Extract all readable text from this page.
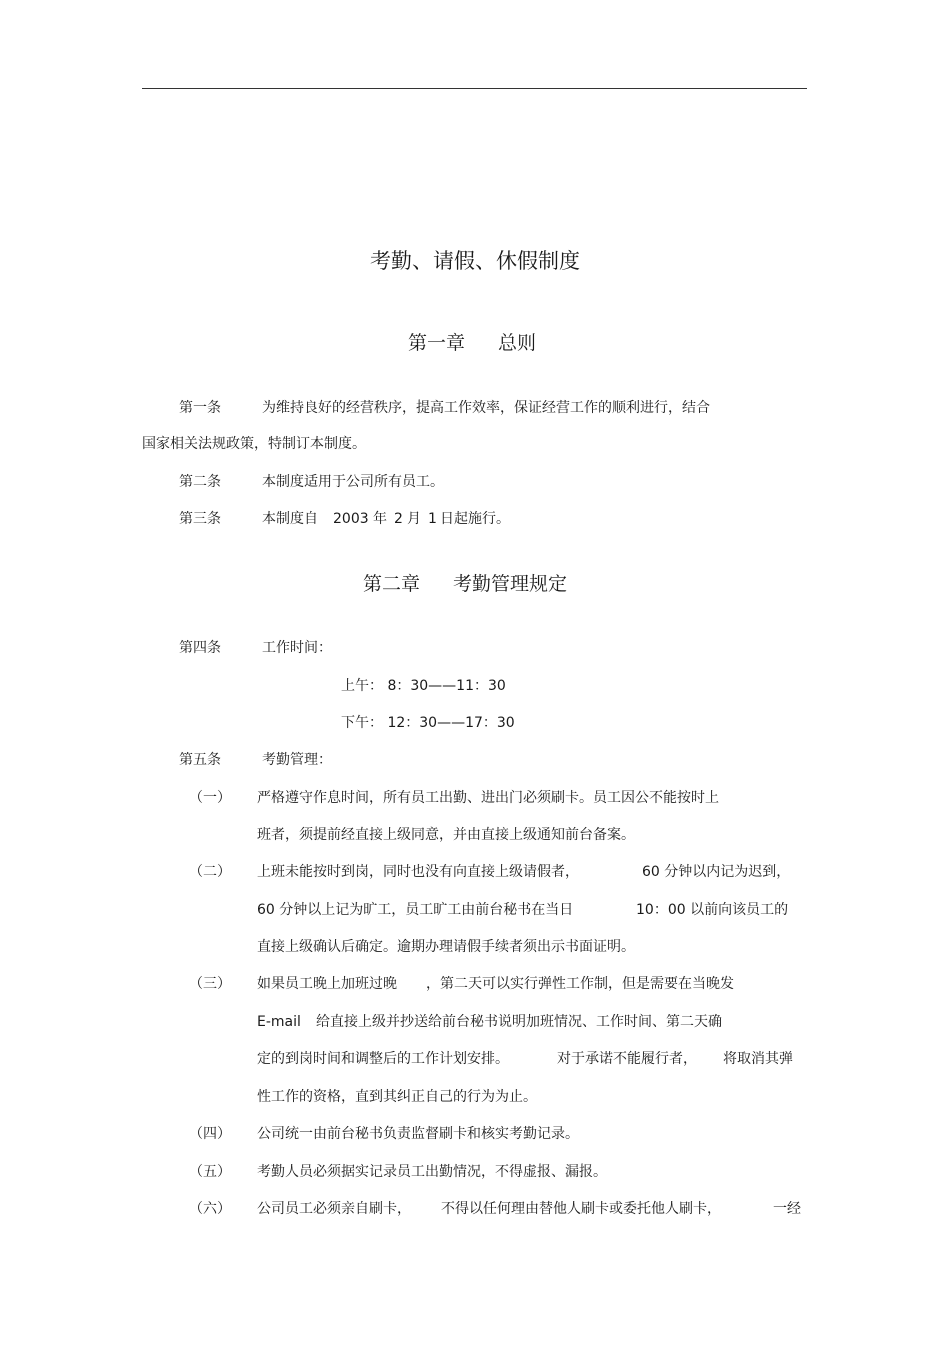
考勤、请假、休假制度
第一章 总则
第一条	为维持良好的经营秩序，提高工作效率，保证经营工作的顺利进行，结合
国家相关法规政策，特制订本制度。
第二条	本制度适用于公司所有员工。
第三条	本制度自 2003 年 2 月 1 日起施行。
第二章 考勤管理规定
第四条	工作时间：
上午： 8：30——11：30
下午： 12：30——17：30
第五条	考勤管理：
（一） 严格遵守作息时间，所有员工出勤、进出门必须刷卡。员工因公不能按时上
班者，须提前经直接上级同意，并由直接上级通知前台备案。
（二） 上班未能按时到岗，同时也没有向直接上级请假者，	60 分钟以内记为迟到，
60 分钟以上记为旷工，员工旷工由前台秘书在当日	10：00 以前向该员工的
直接上级确认后确定。逾期办理请假手续者须出示书面证明。
（三） 如果员工晚上加班过晚 ，第二天可以实行弹性工作制，但是需要在当晚发
E-mail 给直接上级并抄送给前台秘书说明加班情况、工作时间、第二天确
定的到岗时间和调整后的工作计划安排。	对于承诺不能履行者， 将取消其弹
性工作的资格，直到其纠正自己的行为为止。
（四） 公司统一由前台秘书负责监督刷卡和核实考勤记录。
（五） 考勤人员必须据实记录员工出勤情况，不得虚报、漏报。
（六） 公司员工必须亲自刷卡， 不得以任何理由替他人刷卡或委托他人刷卡，	一经
